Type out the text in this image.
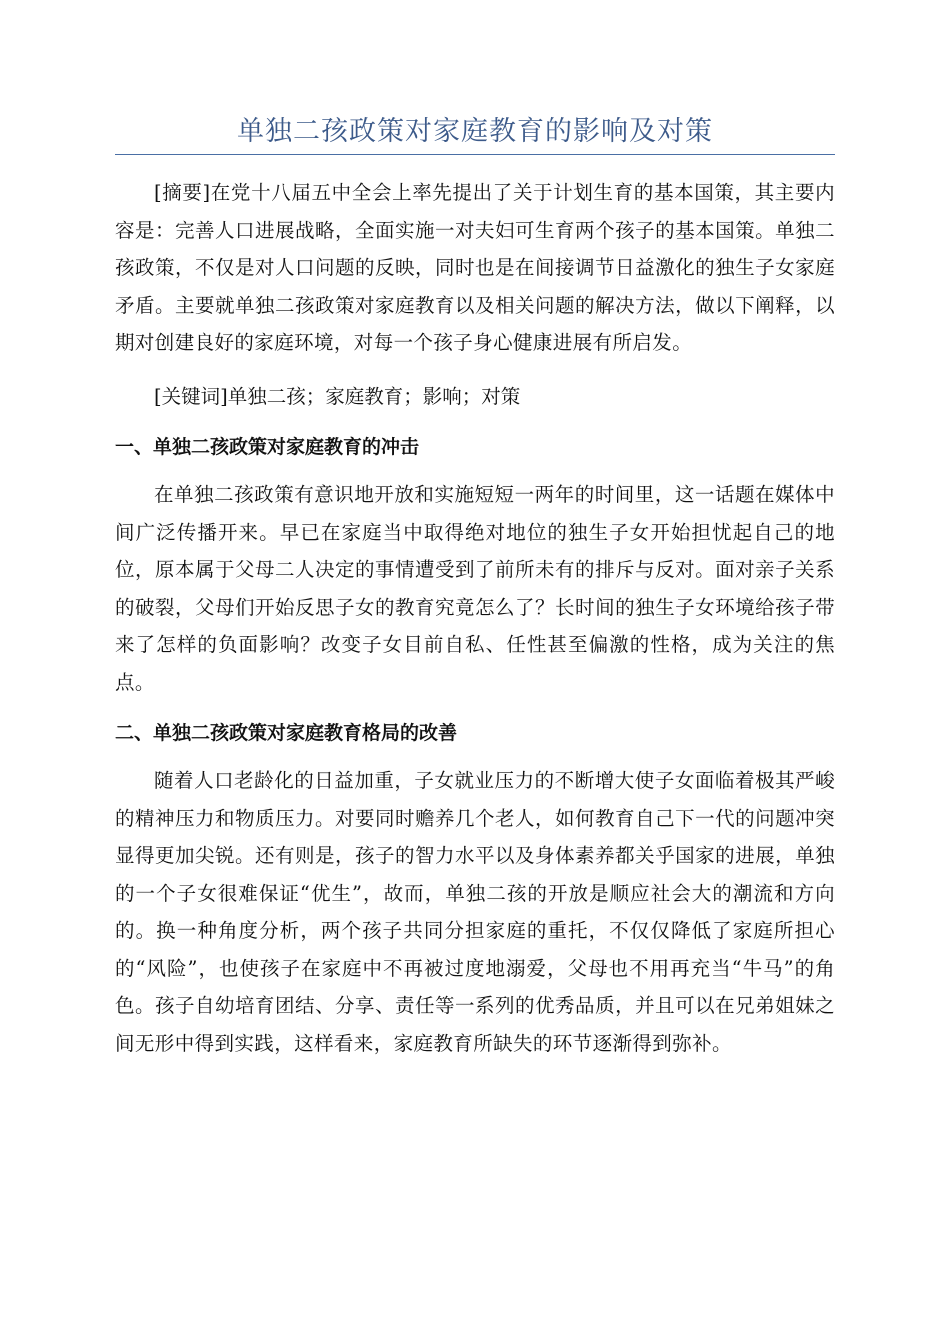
单独二孩政策对家庭教育的影响及对策

[摘要]在党十八届五中全会上率先提出了关于计划生育的基本国策，其主要内容是：完善人口进展战略，全面实施一对夫妇可生育两个孩子的基本国策。单独二孩政策，不仅是对人口问题的反映，同时也是在间接调节日益激化的独生子女家庭矛盾。主要就单独二孩政策对家庭教育以及相关问题的解决方法，做以下阐释，以期对创建良好的家庭环境，对每一个孩子身心健康进展有所启发。

[关键词]单独二孩；家庭教育；影响；对策

一、单独二孩政策对家庭教育的冲击

在单独二孩政策有意识地开放和实施短短一两年的时间里，这一话题在媒体中间广泛传播开来。早已在家庭当中取得绝对地位的独生子女开始担忧起自己的地位，原本属于父母二人决定的事情遭受到了前所未有的排斥与反对。面对亲子关系的破裂，父母们开始反思子女的教育究竟怎么了？长时间的独生子女环境给孩子带来了怎样的负面影响？改变子女目前自私、任性甚至偏激的性格，成为关注的焦点。

二、单独二孩政策对家庭教育格局的改善

随着人口老龄化的日益加重，子女就业压力的不断增大使子女面临着极其严峻的精神压力和物质压力。对要同时赡养几个老人，如何教育自己下一代的问题冲突显得更加尖锐。还有则是，孩子的智力水平以及身体素养都关乎国家的进展，单独的一个子女很难保证“优生”，故而，单独二孩的开放是顺应社会大的潮流和方向的。换一种角度分析，两个孩子共同分担家庭的重托，不仅仅降低了家庭所担心的“风险”，也使孩子在家庭中不再被过度地溺爱，父母也不用再充当“牛马”的角色。孩子自幼培育团结、分享、责任等一系列的优秀品质，并且可以在兄弟姐妹之间无形中得到实践，这样看来，家庭教育所缺失的环节逐渐得到弥补。
